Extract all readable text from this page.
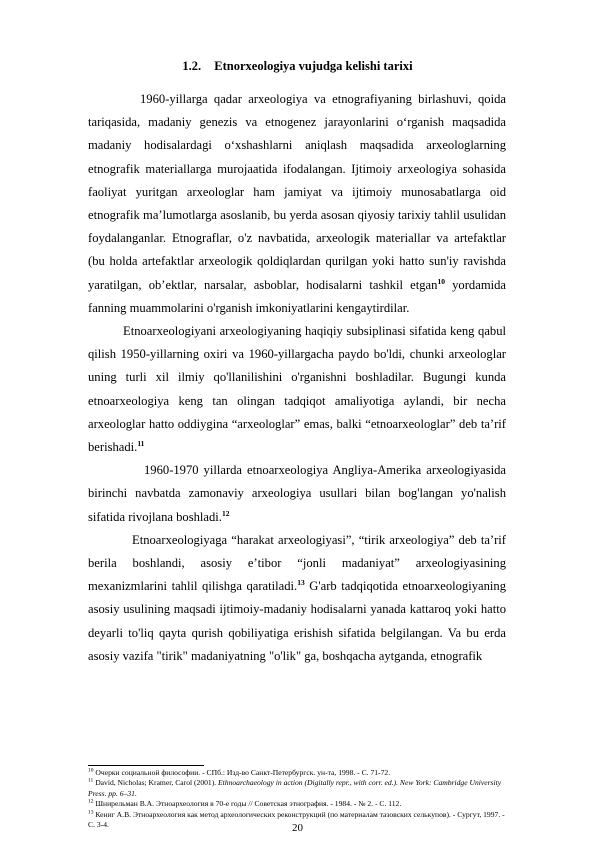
1.2. Etnorxeologiya vujudga kelishi tarixi

1960-yillarga qadar arxeologiya va etnografiyaning birlashuvi, qoida tariqasida, madaniy genezis va etnogenez jarayonlarini oʻrganish maqsadida madaniy hodisalardagi oʻxshashlarni aniqlash maqsadida arxeologlarning etnografik materiallarga murojaatida ifodalangan. Ijtimoiy arxeologiya sohasida faoliyat yuritgan arxeologlar ham jamiyat va ijtimoiy munosabatlarga oid etnografik maʼlumotlarga asoslanib, bu yerda asosan qiyosiy tarixiy tahlil usulidan foydalanganlar. Etnograflar, o'z navbatida, arxeologik materiallar va artefaktlar (bu holda artefaktlar arxeologik qoldiqlardan qurilgan yoki hatto sun'iy ravishda yaratilgan, ob’ektlar, narsalar, asboblar, hodisalarni tashkil etgan$^{10}$ yordamida fanning muammolarini o'rganish imkoniyatlarini kengaytirdilar.

Etnoarxeologiyani arxeologiyaning haqiqiy subsiplinasi sifatida keng qabul qilish 1950-yillarning oxiri va 1960-yillargacha paydo bo'ldi, chunki arxeologlar uning turli xil ilmiy qo'llanilishini o'rganishni boshladilar. Bugungi kunda etnoarxeologiya keng tan olingan tadqiqot amaliyotiga aylandi, bir necha arxeologlar hatto oddiygina “arxeologlar” emas, balki “etnoarxeologlar” deb taʼrif berishadi.$^{11}$

1960-1970 yillarda etnoarxeologiya Angliya-Amerika arxeologiyasida birinchi navbatda zamonaviy arxeologiya usullari bilan bog'langan yo'nalish sifatida rivojlana boshladi.$^{12}$

Etnoarxeologiyaga “harakat arxeologiyasi”, “tirik arxeologiya” deb taʼrif berila boshlandi, asosiy eʼtibor “jonli madaniyat” arxeologiyasining mexanizmlarini tahlil qilishga qaratiladi.$^{13}$ G'arb tadqiqotida etnoarxeologiyaning asosiy usulining maqsadi ijtimoiy-madaniy hodisalarni yanada kattaroq yoki hatto deyarli to'liq qayta qurish qobiliyatiga erishish sifatida belgilangan. Va bu erda asosiy vazifa "tirik" madaniyatning "o'lik" ga, boshqacha aytganda, etnografik

$^{10}$ Очерки социальной философии. - СПб.: Изд-во Санкт-Петербургск. ун-та, 1998. - С. 71-72.
$^{11}$ David, Nicholas; Kramer, Carol (2001). Ethnoarchaeology in action (Digitally repr., with corr. ed.). New York: Cambridge University Press. pp. 6–31.
$^{12}$ Шнирельман В.А. Этноархеология в 70-е годы // Советская этнография. - 1984. - № 2. - С. 112.
$^{13}$ Кениг А.В. Этноархеология как метод археологических реконструкций (по материалам тазовских селькупов). - Сургут, 1997. - С. 3-4.	20
